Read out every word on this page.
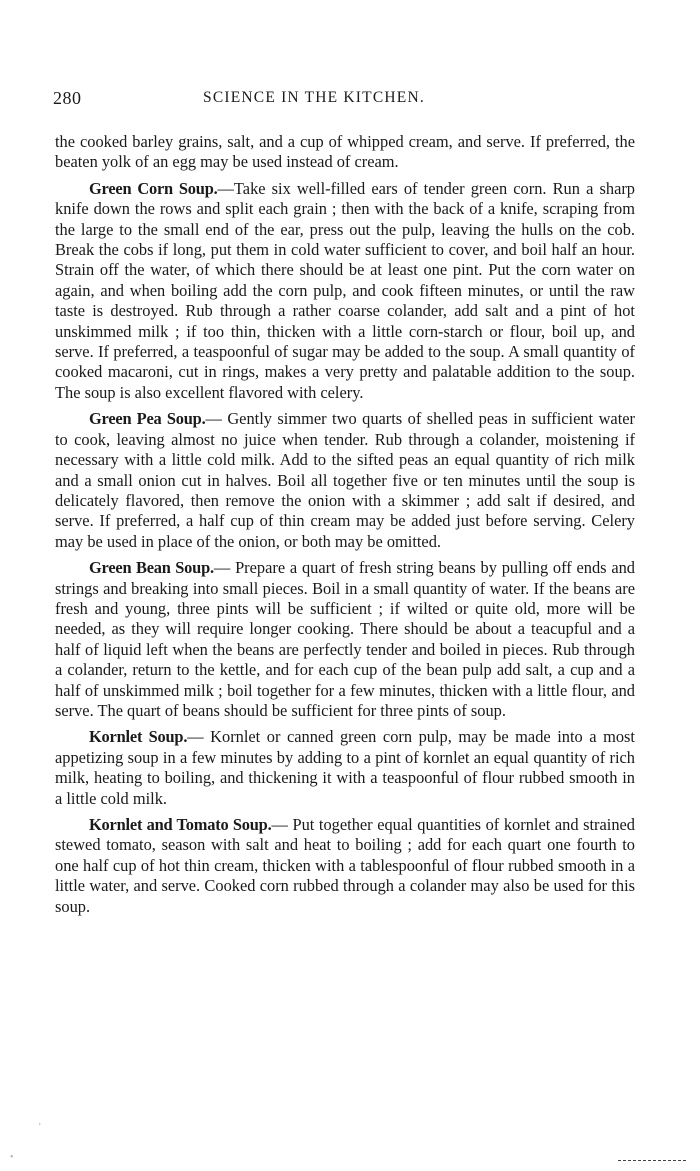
280	SCIENCE IN THE KITCHEN.

the cooked barley grains, salt, and a cup of whipped cream, and serve. If preferred, the beaten yolk of an egg may be used instead of cream.

Green Corn Soup.—Take six well-filled ears of tender green corn. Run a sharp knife down the rows and split each grain ; then with the back of a knife, scraping from the large to the small end of the ear, press out the pulp, leaving the hulls on the cob. Break the cobs if long, put them in cold water sufficient to cover, and boil half an hour. Strain off the water, of which there should be at least one pint. Put the corn water on again, and when boiling add the corn pulp, and cook fifteen minutes, or until the raw taste is destroyed. Rub through a rather coarse colander, add salt and a pint of hot unskimmed milk ; if too thin, thicken with a little corn-starch or flour, boil up, and serve. If preferred, a teaspoonful of sugar may be added to the soup. A small quantity of cooked macaroni, cut in rings, makes a very pretty and palatable addition to the soup. The soup is also excellent flavored with celery.

Green Pea Soup.— Gently simmer two quarts of shelled peas in sufficient water to cook, leaving almost no juice when tender. Rub through a colander, moistening if necessary with a little cold milk. Add to the sifted peas an equal quantity of rich milk and a small onion cut in halves. Boil all together five or ten minutes until the soup is delicately flavored, then remove the onion with a skimmer ; add salt if desired, and serve. If preferred, a half cup of thin cream may be added just before serving. Celery may be used in place of the onion, or both may be omitted.

Green Bean Soup.— Prepare a quart of fresh string beans by pulling off ends and strings and breaking into small pieces. Boil in a small quantity of water. If the beans are fresh and young, three pints will be sufficient ; if wilted or quite old, more will be needed, as they will require longer cooking. There should be about a teacupful and a half of liquid left when the beans are perfectly tender and boiled in pieces. Rub through a colander, return to the kettle, and for each cup of the bean pulp add salt, a cup and a half of unskimmed milk ; boil together for a few minutes, thicken with a little flour, and serve. The quart of beans should be sufficient for three pints of soup.

Kornlet Soup.— Kornlet or canned green corn pulp, may be made into a most appetizing soup in a few minutes by adding to a pint of kornlet an equal quantity of rich milk, heating to boiling, and thickening it with a teaspoonful of flour rubbed smooth in a little cold milk.

Kornlet and Tomato Soup.— Put together equal quantities of kornlet and strained stewed tomato, season with salt and heat to boiling ; add for each quart one fourth to one half cup of hot thin cream, thicken with a tablespoonful of flour rubbed smooth in a little water, and serve. Cooked corn rubbed through a colander may also be used for this soup.

’
•
